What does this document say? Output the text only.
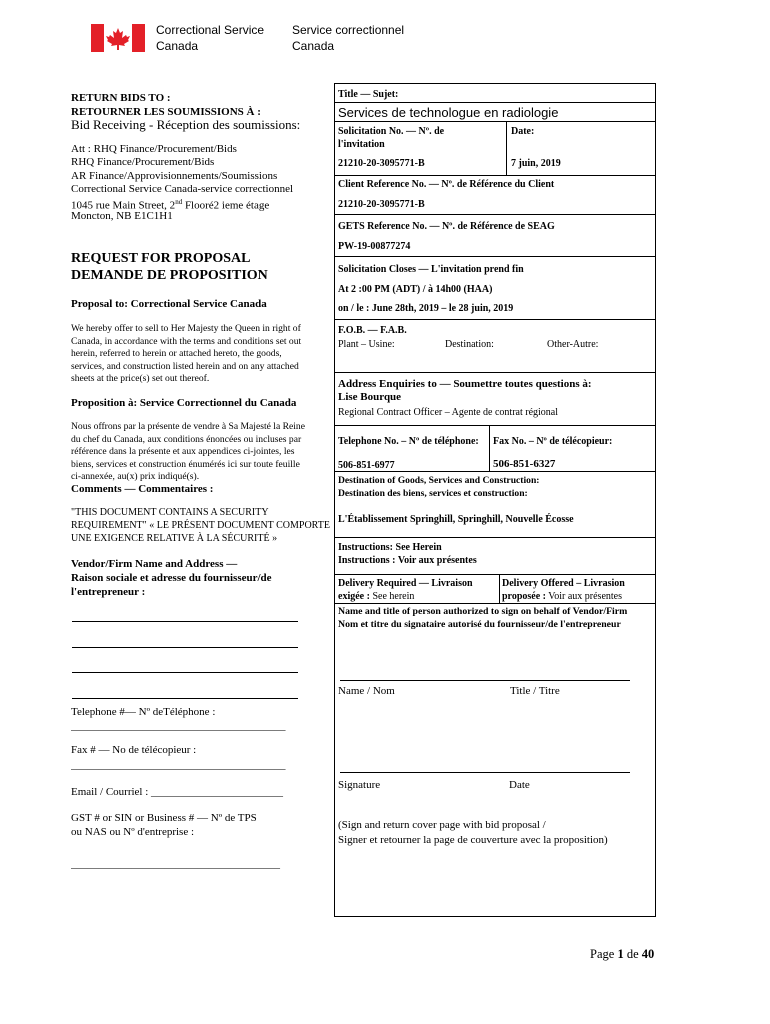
Correctional Service
Canada
Service correctionnel
Canada
RETURN BIDS TO :
RETOURNER LES SOUMISSIONS À :
Bid Receiving - Réception des soumissions:
Att : RHQ Finance/Procurement/Bids
RHQ Finance/Procurement/Bids
AR Finance/Approvisionnements/Soumissions
Correctional Service Canada-service correctionnel
1045 rue Main Street, 2nd Flooré2 ieme étage
Moncton, NB E1C1H1
REQUEST FOR PROPOSAL
DEMANDE DE PROPOSITION
Proposal to: Correctional Service Canada
We hereby offer to sell to Her Majesty the Queen in right of Canada, in accordance with the terms and conditions set out herein, referred to herein or attached hereto, the goods, services, and construction listed herein and on any attached sheets at the price(s) set out thereof.
Proposition à: Service Correctionnel du Canada
Nous offrons par la présente de vendre à Sa Majesté la Reine du chef du Canada, aux conditions énoncées ou incluses par référence dans la présente et aux appendices ci-jointes, les biens, services et construction énumérés ici sur toute feuille ci-annexée, au(x) prix indiqué(s).
Comments — Commentaires :
"THIS DOCUMENT CONTAINS A SECURITY
REQUIREMENT" « LE PRÉSENT DOCUMENT COMPORTE
UNE EXIGENCE RELATIVE À LA SÉCURITÉ »
Vendor/Firm Name and Address —
Raison sociale et adresse du fournisseur/de
l'entrepreneur :
Telephone #— Nº deTéléphone :
_______________________________________
Fax # — No de télécopieur :
_______________________________________
Email / Courriel : ________________________
GST # or SIN or Business # — Nº de TPS
ou NAS ou Nº d'entreprise :
______________________________________
Title — Sujet:
Services de technologue en radiologie
Solicitation No. — Nº. de
l'invitation
Date:
21210-20-3095771-B	7 juin, 2019
Client Reference No. — Nº. de Référence du Client
21210-20-3095771-B
GETS Reference No. — Nº. de Référence de SEAG
PW-19-00877274
Solicitation Closes — L'invitation prend fin
At 2 :00 PM (ADT) / à 14h00 (HAA)
on / le : June 28th, 2019 – le 28 juin, 2019
F.O.B. — F.A.B.
Plant – Usine:	Destination:	Other-Autre:
Address Enquiries to — Soumettre toutes questions à:
Lise Bourque
Regional Contract Officer – Agente de contrat régional
Telephone No. – Nº de téléphone: Fax No. – Nº de télécopieur:
506-851-6977	506-851-6327
Destination of Goods, Services and Construction:
Destination des biens, services et construction:
L'Établissement Springhill, Springhill, Nouvelle Écosse
Instructions: See Herein
Instructions : Voir aux présentes
Delivery Required — Livraison
exigée : See herein
Delivery Offered – Livrasion
proposée : Voir aux présentes
Name and title of person authorized to sign on behalf of Vendor/Firm
Nom et titre du signataire autorisé du fournisseur/de l'entrepreneur
Name / Nom	Title / Titre
Signature	Date
(Sign and return cover page with bid proposal /
Signer et retourner la page de couverture avec la proposition)
Page 1 de 40
